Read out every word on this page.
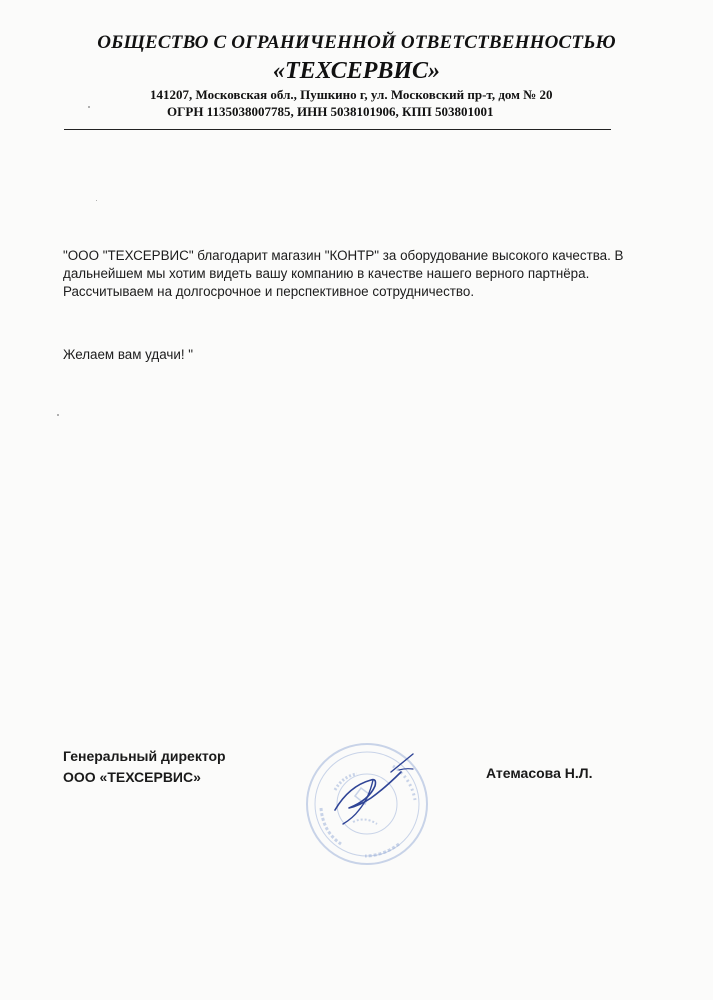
ОБЩЕСТВО С ОГРАНИЧЕННОЙ ОТВЕТСТВЕННОСТЬЮ
«ТЕХСЕРВИС»
141207, Московская обл., Пушкино г, ул. Московский пр-т, дом № 20
ОГРН 1135038007785, ИНН 5038101906, КПП 503801001

"ООО "ТЕХСЕРВИС" благодарит магазин "КОНТР" за оборудование высокого качества. В

дальнейшем мы хотим видеть вашу компанию в качестве нашего верного партнёра.

Рассчитываем на долгосрочное и перспективное сотрудничество.

Желаем вам удачи! "
Генеральный директор
ООО «ТЕХСЕРВИС»	Атемасова Н.Л.
